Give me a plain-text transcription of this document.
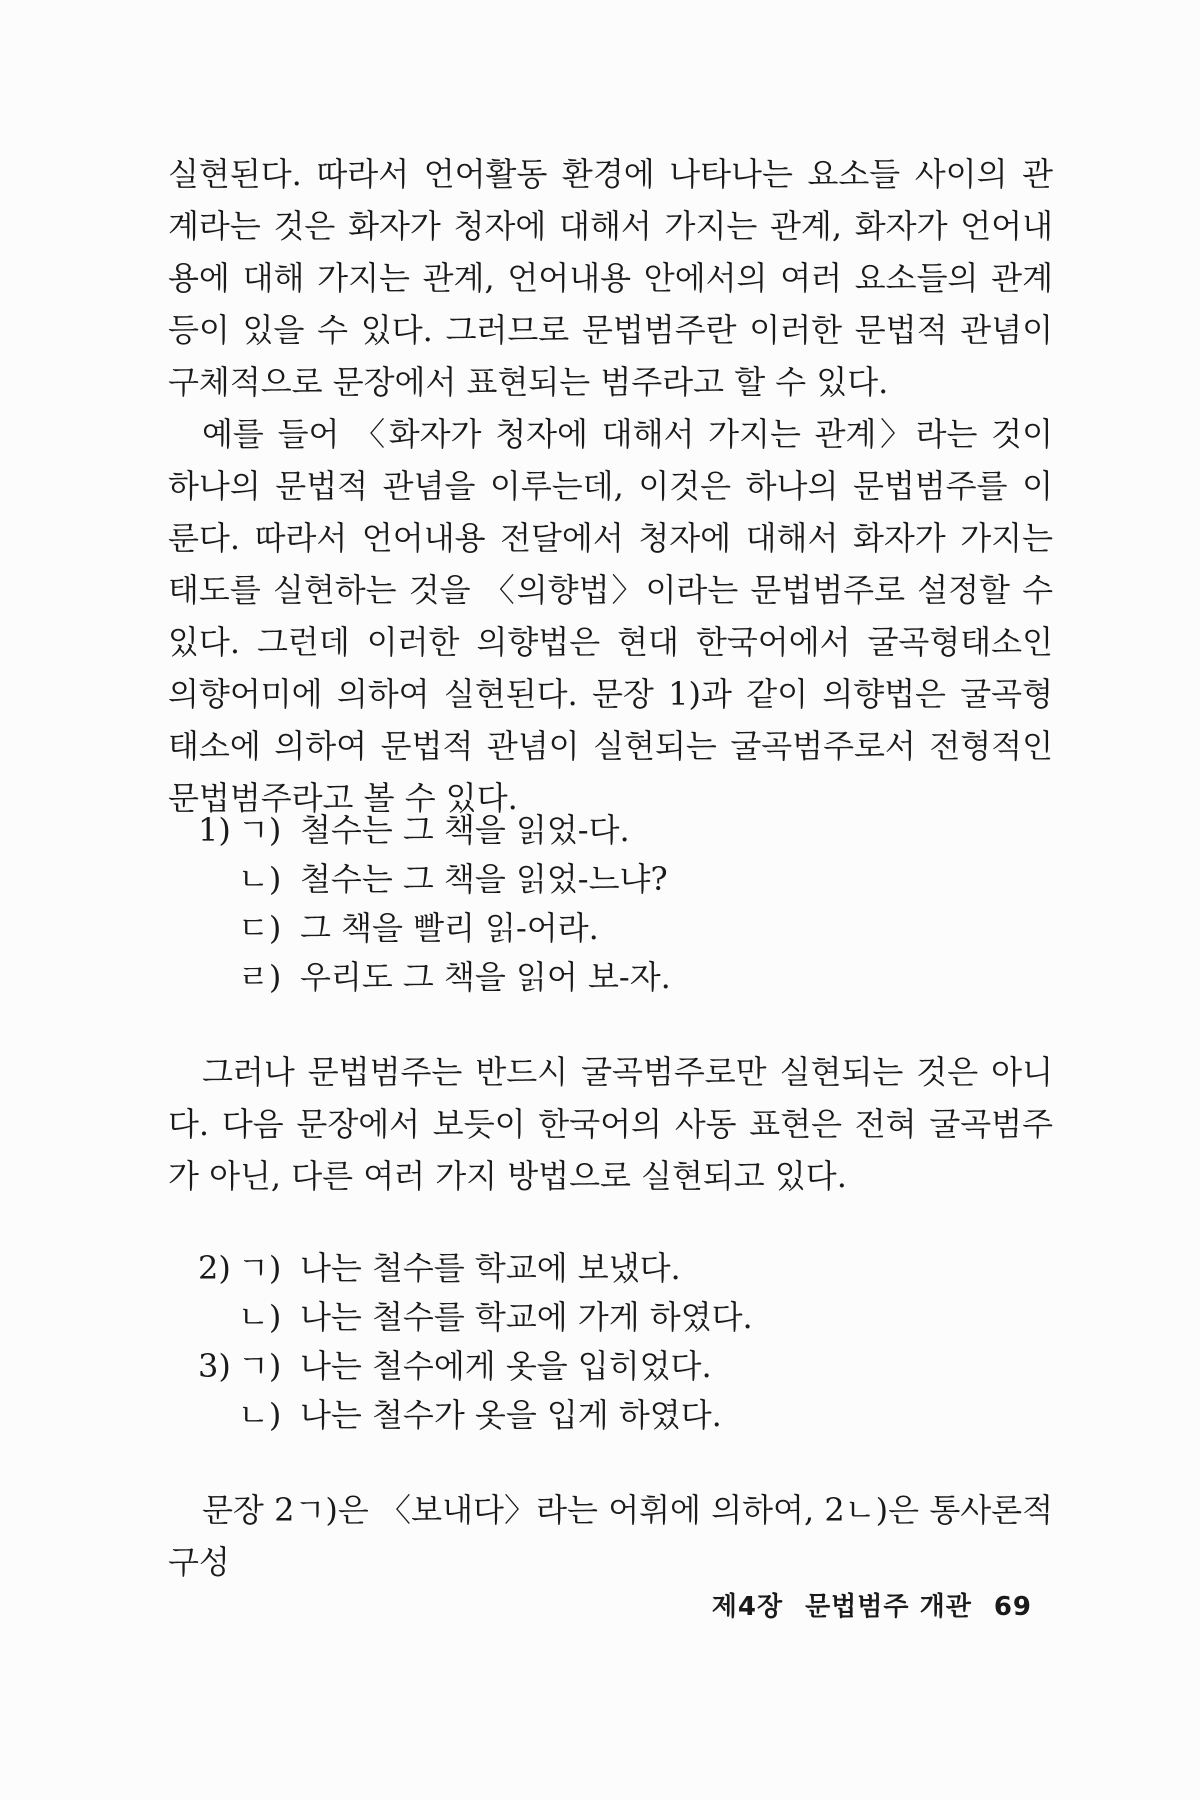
실현된다. 따라서 언어활동 환경에 나타나는 요소들 사이의 관계라는 것은 화자가 청자에 대해서 가지는 관계, 화자가 언어내용에 대해 가지는 관계, 언어내용 안에서의 여러 요소들의 관계 등이 있을 수 있다. 그러므로 문법범주란 이러한 문법적 관념이 구체적으로 문장에서 표현되는 범주라고 할 수 있다.

예를 들어 〈화자가 청자에 대해서 가지는 관계〉라는 것이 하나의 문법적 관념을 이루는데, 이것은 하나의 문법범주를 이룬다. 따라서 언어내용 전달에서 청자에 대해서 화자가 가지는 태도를 실현하는 것을 〈의향법〉이라는 문법범주로 설정할 수 있다. 그런데 이러한 의향법은 현대 한국어에서 굴곡형태소인 의향어미에 의하여 실현된다. 문장 1)과 같이 의향법은 굴곡형태소에 의하여 문법적 관념이 실현되는 굴곡범주로서 전형적인 문법범주라고 볼 수 있다.

1) ㄱ) 철수는 그 책을 읽었-다.
ㄴ) 철수는 그 책을 읽었-느냐?
ㄷ) 그 책을 빨리 읽-어라.
ㄹ) 우리도 그 책을 읽어 보-자.

그러나 문법범주는 반드시 굴곡범주로만 실현되는 것은 아니다. 다음 문장에서 보듯이 한국어의 사동 표현은 전혀 굴곡범주가 아닌, 다른 여러 가지 방법으로 실현되고 있다.

2) ㄱ) 나는 철수를 학교에 보냈다.
ㄴ) 나는 철수를 학교에 가게 하였다.
3) ㄱ) 나는 철수에게 옷을 입히었다.
ㄴ) 나는 철수가 옷을 입게 하였다.

문장 2ㄱ)은 〈보내다〉라는 어휘에 의하여, 2ㄴ)은 통사론적 구성

제4장 문법범주 개관 69
